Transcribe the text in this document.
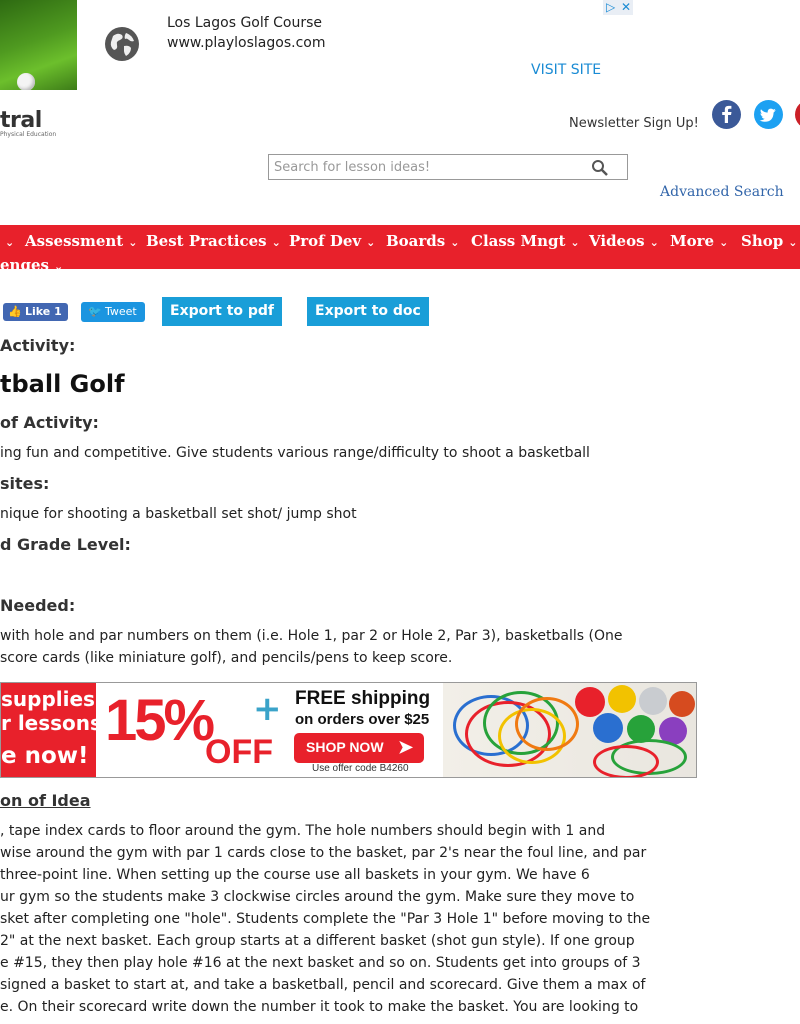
Los Lagos Golf Course
www.playloslagos.com
VISIT SITE
▷ ✕
tral
Physical Education
Newsletter Sign Up!
Search for lesson ideas!
Advanced Search
⌄ Assessment ⌄ Best Practices ⌄ Prof Dev ⌄ Boards ⌄ Class Mngt ⌄ Videos ⌄ More ⌄ Shop ⌄
enges ⌄
👍 Like 1 🐦 Tweet Export to pdf	Export to doc
Activity:
tball Golf
of Activity:
ing fun and competitive. Give students various range/difficulty to shoot a basketball
sites:
nique for shooting a basketball set shot/ jump shot
d Grade Level:
Needed:
with hole and par numbers on them (i.e. Hole 1, par 2 or Hole 2, Par 3), basketballs (One
score cards (like miniature golf), and pencils/pens to keep score.
supplies
r lessons?
e now!
15% +
OFF
FREE shipping
on orders over $25
SHOP NOW ➤
Use offer code B4260
on of Idea
, tape index cards to floor around the gym. The hole numbers should begin with 1 and
wise around the gym with par 1 cards close to the basket, par 2's near the foul line, and par
three-point line. When setting up the course use all baskets in your gym. We have 6
ur gym so the students make 3 clockwise circles around the gym. Make sure they move to
sket after completing one "hole". Students complete the "Par 3 Hole 1" before moving to the
2" at the next basket. Each group starts at a different basket (shot gun style). If one group
e #15, they then play hole #16 at the next basket and so on. Students get into groups of 3
signed a basket to start at, and take a basketball, pencil and scorecard. Give them a max of
e. On their scorecard write down the number it took to make the basket. You are looking to
